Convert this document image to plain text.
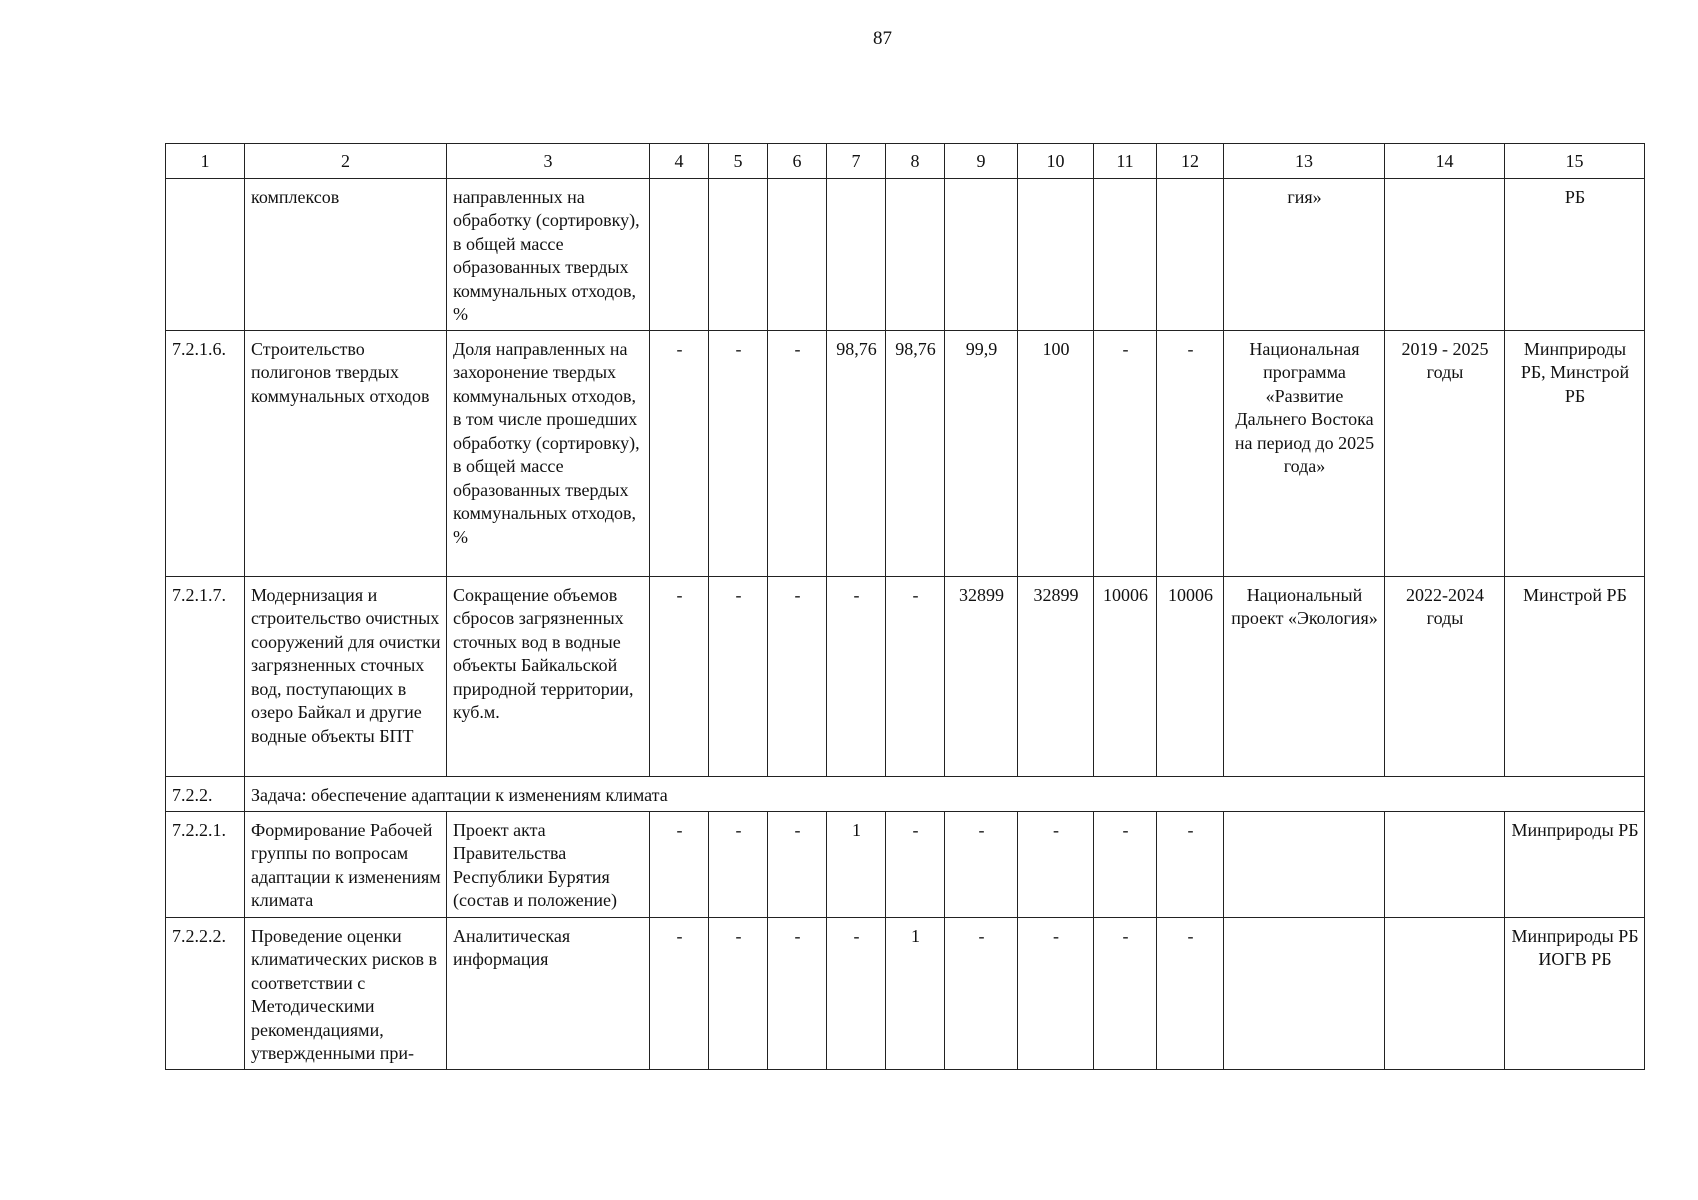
87
1	2	3	4	5	6	7	8	9	10	11	12	13	14	15
	комплексов	направленных на обработку (сортировку), в общей массе образованных твердых коммунальных отходов, %										гия»		РБ
7.2.1.6.	Строительство полигонов твердых коммунальных отходов	Доля направленных на захоронение твердых коммунальных отходов, в том числе прошедших обработку (сортировку), в общей массе образованных твердых коммунальных отходов, %	-	-	-	98,76	98,76	99,9	100	-	-	Национальная программа «Развитие Дальнего Востока на период до 2025 года»	2019 - 2025 годы	Минприроды РБ, Минстрой РБ
7.2.1.7.	Модернизация и строительство очистных сооружений для очистки загрязненных сточных вод, поступающих в озеро Байкал и другие водные объекты БПТ	Сокращение объемов сбросов загрязненных сточных вод в водные объекты Байкальской природной территории, куб.м.	-	-	-	-	-	32899	32899	10006	10006	Национальный проект «Экология»	2022-2024 годы	Минстрой РБ
7.2.2.	Задача: обеспечение адаптации к изменениям климата													
7.2.2.1.	Формирование Рабочей группы по вопросам адаптации к изменениям климата	Проект акта Правительства Республики Бурятия (состав и положение)	-	-	-	1	-	-	-	-	-			Минприроды РБ
7.2.2.2.	Проведение оценки климатических рисков в соответствии с Методическими рекомендациями, утвержденными при-	Аналитическая информация	-	-	-	-	1	-	-	-	-			Минприроды РБ ИОГВ РБ
